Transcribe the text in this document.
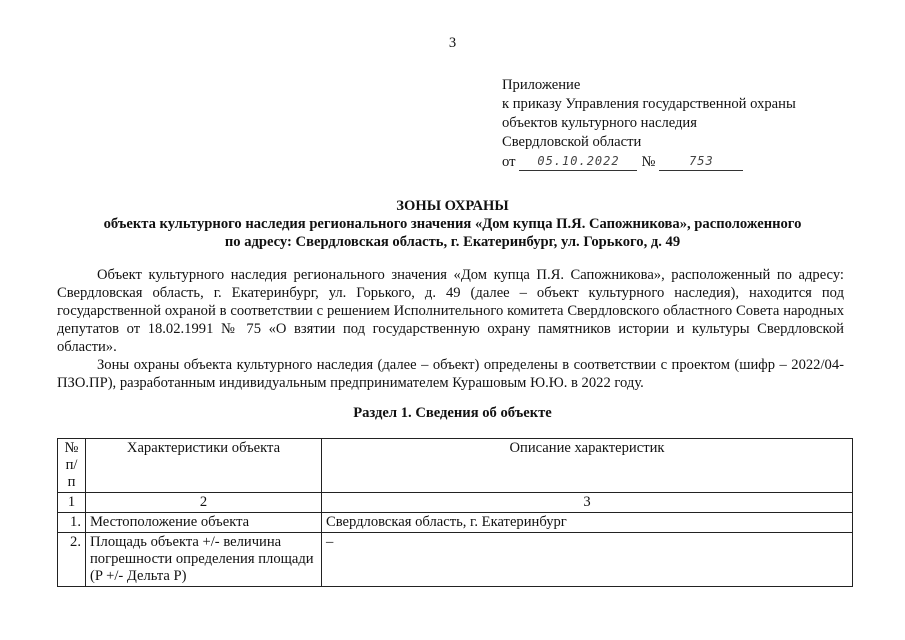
3
Приложение
к приказу Управления государственной охраны
объектов культурного наследия
Свердловской области
от	05.10.2022	№	753
ЗОНЫ ОХРАНЫ
объекта культурного наследия регионального значения «Дом купца П.Я. Сапожникова», расположенного
по адресу: Свердловская область, г. Екатеринбург, ул. Горького, д. 49

Объект культурного наследия регионального значения «Дом купца П.Я. Сапожникова», расположенный по адресу: Свердловская область, г. Екатеринбург, ул. Горького, д. 49 (далее – объект культурного наследия), находится под государственной охраной в соответствии с решением Исполнительного комитета Свердловского областного Совета народных депутатов от 18.02.1991 № 75 «О взятии под государственную охрану памятников истории и культуры Свердловской области».

Зоны охраны объекта культурного наследия (далее – объект) определены в соответствии с проектом (шифр – 2022/04-ПЗО.ПР), разработанным индивидуальным предпринимателем Курашовым Ю.Ю. в 2022 году.

Раздел 1. Сведения об объекте
№ п/п	Характеристики объекта	Описание характеристик
1	2	3
1.	Местоположение объекта	Свердловская область, г. Екатеринбург
2.	Площадь объекта +/- величина погрешности определения площади (P +/- Дельта P)	–
